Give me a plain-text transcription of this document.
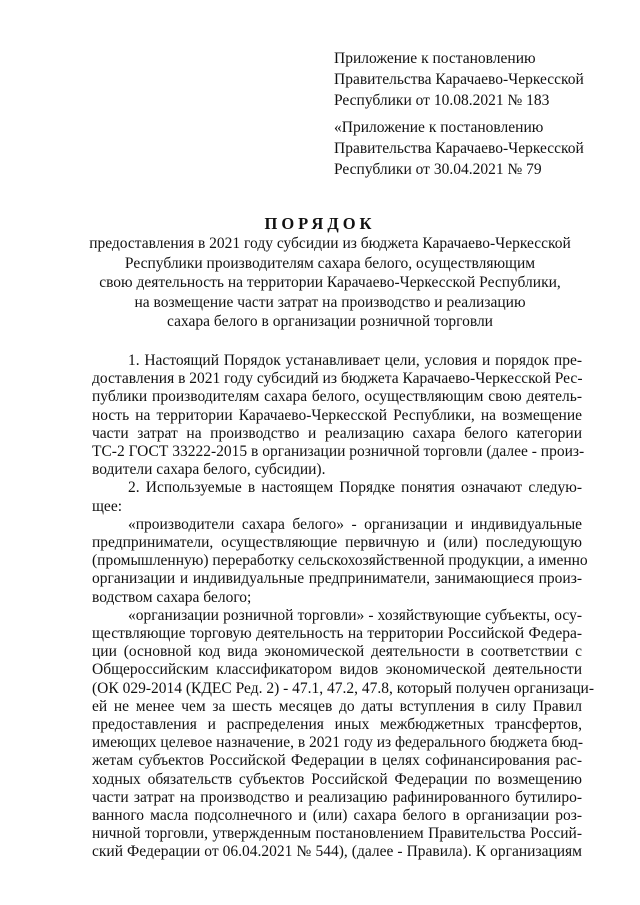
Приложение к постановлению
Правительства Карачаево-Черкесской
Республики от 10.08.2021 № 183
«Приложение к постановлению
Правительства Карачаево-Черкесской
Республики от 30.04.2021 № 79
ПОРЯДОК
предоставления в 2021 году субсидии из бюджета Карачаево-Черкесской
Республики производителям сахара белого, осуществляющим
свою деятельность на территории Карачаево-Черкесской Республики,
на возмещение части затрат на производство и реализацию
сахара белого в организации розничной торговли
1. Настоящий Порядок устанавливает цели, условия и порядок пре-
доставления в 2021 году субсидий из бюджета Карачаево-Черкесской Рес-
публики производителям сахара белого, осуществляющим свою деятель-
ность на территории Карачаево-Черкесской Республики, на возмещение
части затрат на производство и реализацию сахара белого категории
ТС-2 ГОСТ 33222-2015 в организации розничной торговли (далее - произ-
водители сахара белого, субсидии).
2. Используемые в настоящем Порядке понятия означают следую-
щее:
«производители сахара белого» - организации и индивидуальные
предприниматели, осуществляющие первичную и (или) последующую
(промышленную) переработку сельскохозяйственной продукции, а именно
организации и индивидуальные предприниматели, занимающиеся произ-
водством сахара белого;
«организации розничной торговли» - хозяйствующие субъекты, осу-
ществляющие торговую деятельность на территории Российской Федера-
ции (основной код вида экономической деятельности в соответствии с
Общероссийским классификатором видов экономической деятельности
(ОК 029-2014 (КДЕС Ред. 2) - 47.1, 47.2, 47.8, который получен организаци-
ей не менее чем за шесть месяцев до даты вступления в силу Правил
предоставления и распределения иных межбюджетных трансфертов,
имеющих целевое назначение, в 2021 году из федерального бюджета бюд-
жетам субъектов Российской Федерации в целях софинансирования рас-
ходных обязательств субъектов Российской Федерации по возмещению
части затрат на производство и реализацию рафинированного бутилиро-
ванного масла подсолнечного и (или) сахара белого в организации роз-
ничной торговли, утвержденным постановлением Правительства Россий-
ский Федерации от 06.04.2021 № 544), (далее - Правила). К организациям
